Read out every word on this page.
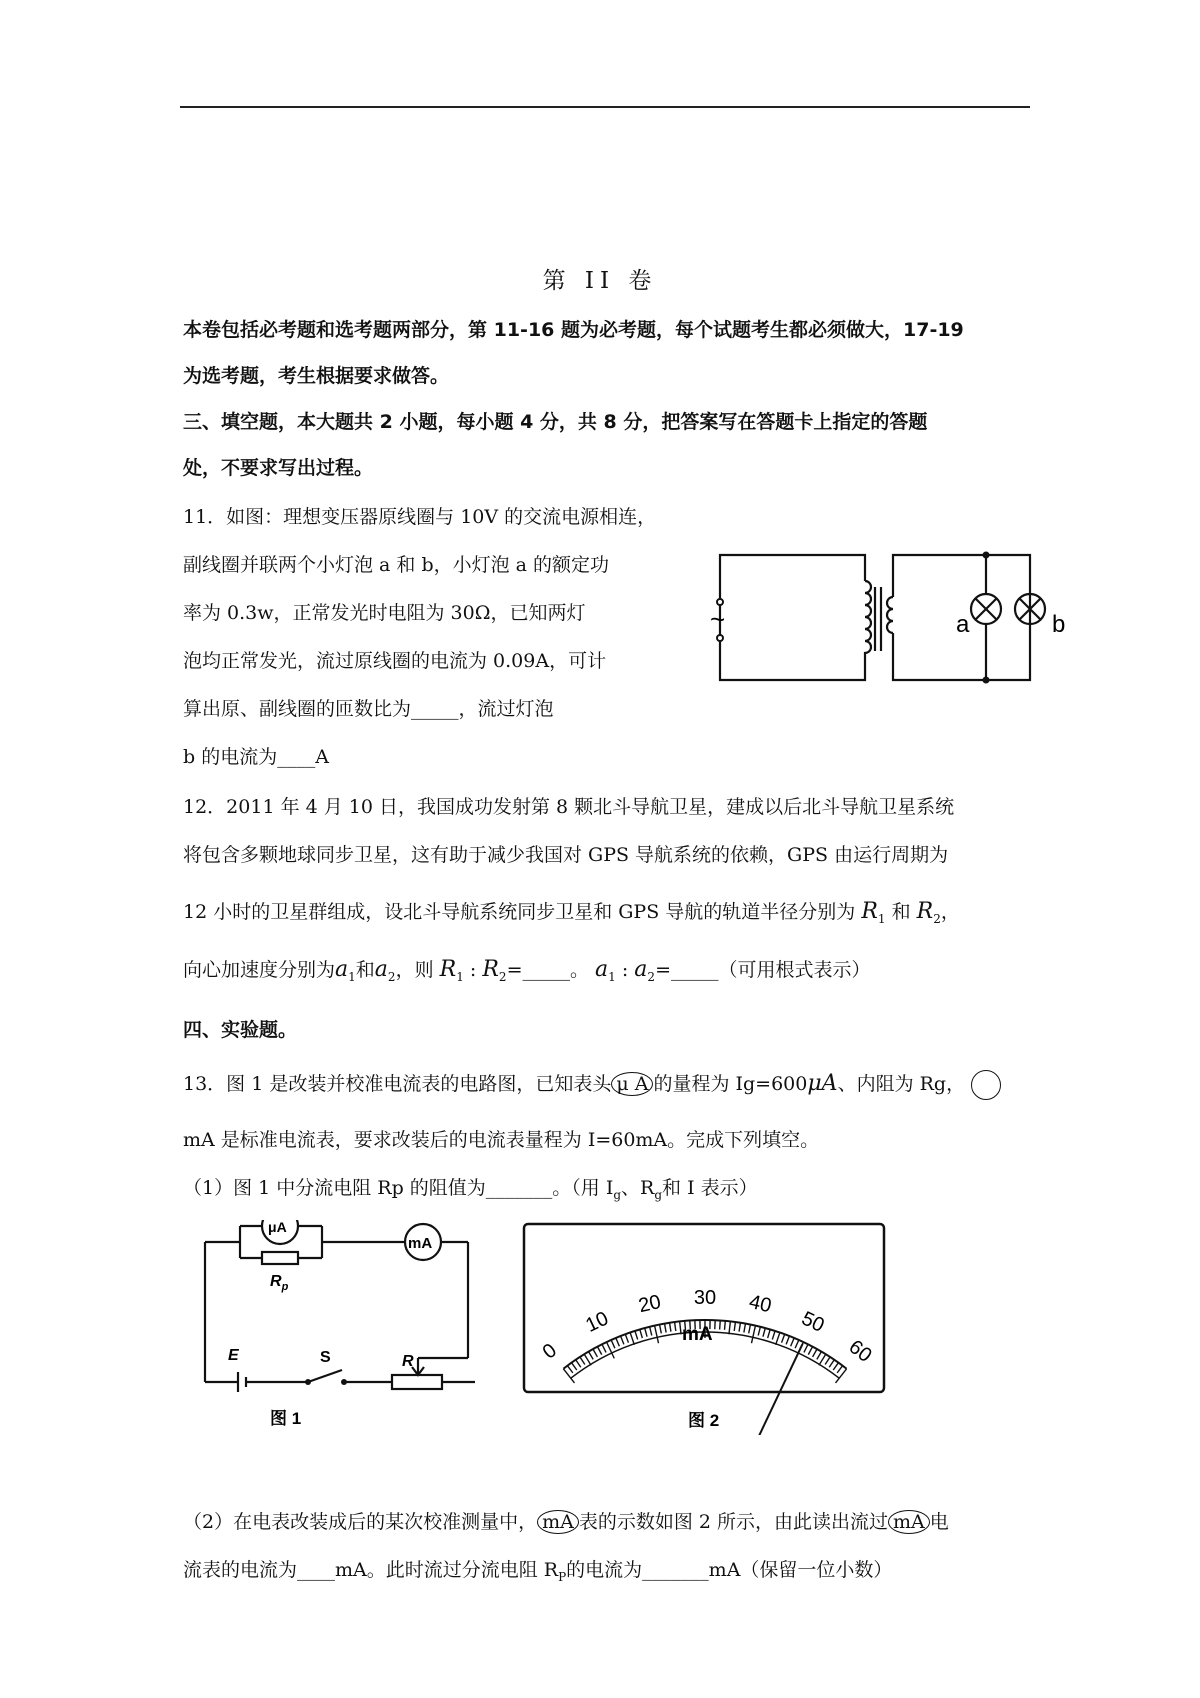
第 II 卷
本卷包括必考题和选考题两部分，第 11-16 题为必考题，每个试题考生都必须做大，17-19
为选考题，考生根据要求做答。
三、填空题，本大题共 2 小题，每小题 4 分，共 8 分，把答案写在答题卡上指定的答题
处，不要求写出过程。
11．如图：理想变压器原线圈与 10V 的交流电源相连，
副线圈并联两个小灯泡 a 和 b，小灯泡 a 的额定功
率为 0.3w，正常发光时电阻为 30Ω，已知两灯
泡均正常发光，流过原线圈的电流为 0.09A，可计
算出原、副线圈的匝数比为_____，流过灯泡
b 的电流为____A
~	a	b
12．2011 年 4 月 10 日，我国成功发射第 8 颗北斗导航卫星，建成以后北斗导航卫星系统
将包含多颗地球同步卫星，这有助于减少我国对 GPS 导航系统的依赖，GPS 由运行周期为
12 小时的卫星群组成，设北斗导航系统同步卫星和 GPS 导航的轨道半径分别为 $R_1$ 和 $R_2$，
向心加速度分别为$a_1$和$a_2$，则 $R_1$ : $R_2=\_\_\_\_\_$。 $a_1$ : $a_2=\_\_\_\_\_$（可用根式表示）
四、实验题。
13．图 1 是改装并校准电流表的电路图，已知表头 μ A 的量程为 Ig=600μA、内阻为 Rg，
mA 是标准电流表，要求改装后的电流表量程为 I=60mA。完成下列填空。
（1）图 1 中分流电阻 Rp 的阻值为_______。（用 $I_g$、$R_g$和 I 表示）
μA
mA
$R_p$
E	S	R
图 1
0
10
20 30 40
50
60
mA
图 2
（2）在电表改装成后的某次校准测量中， mA 表的示数如图 2 所示，由此读出流过 mA 电
流表的电流为____mA。此时流过分流电阻 $R_P$的电流为_______mA（保留一位小数）
